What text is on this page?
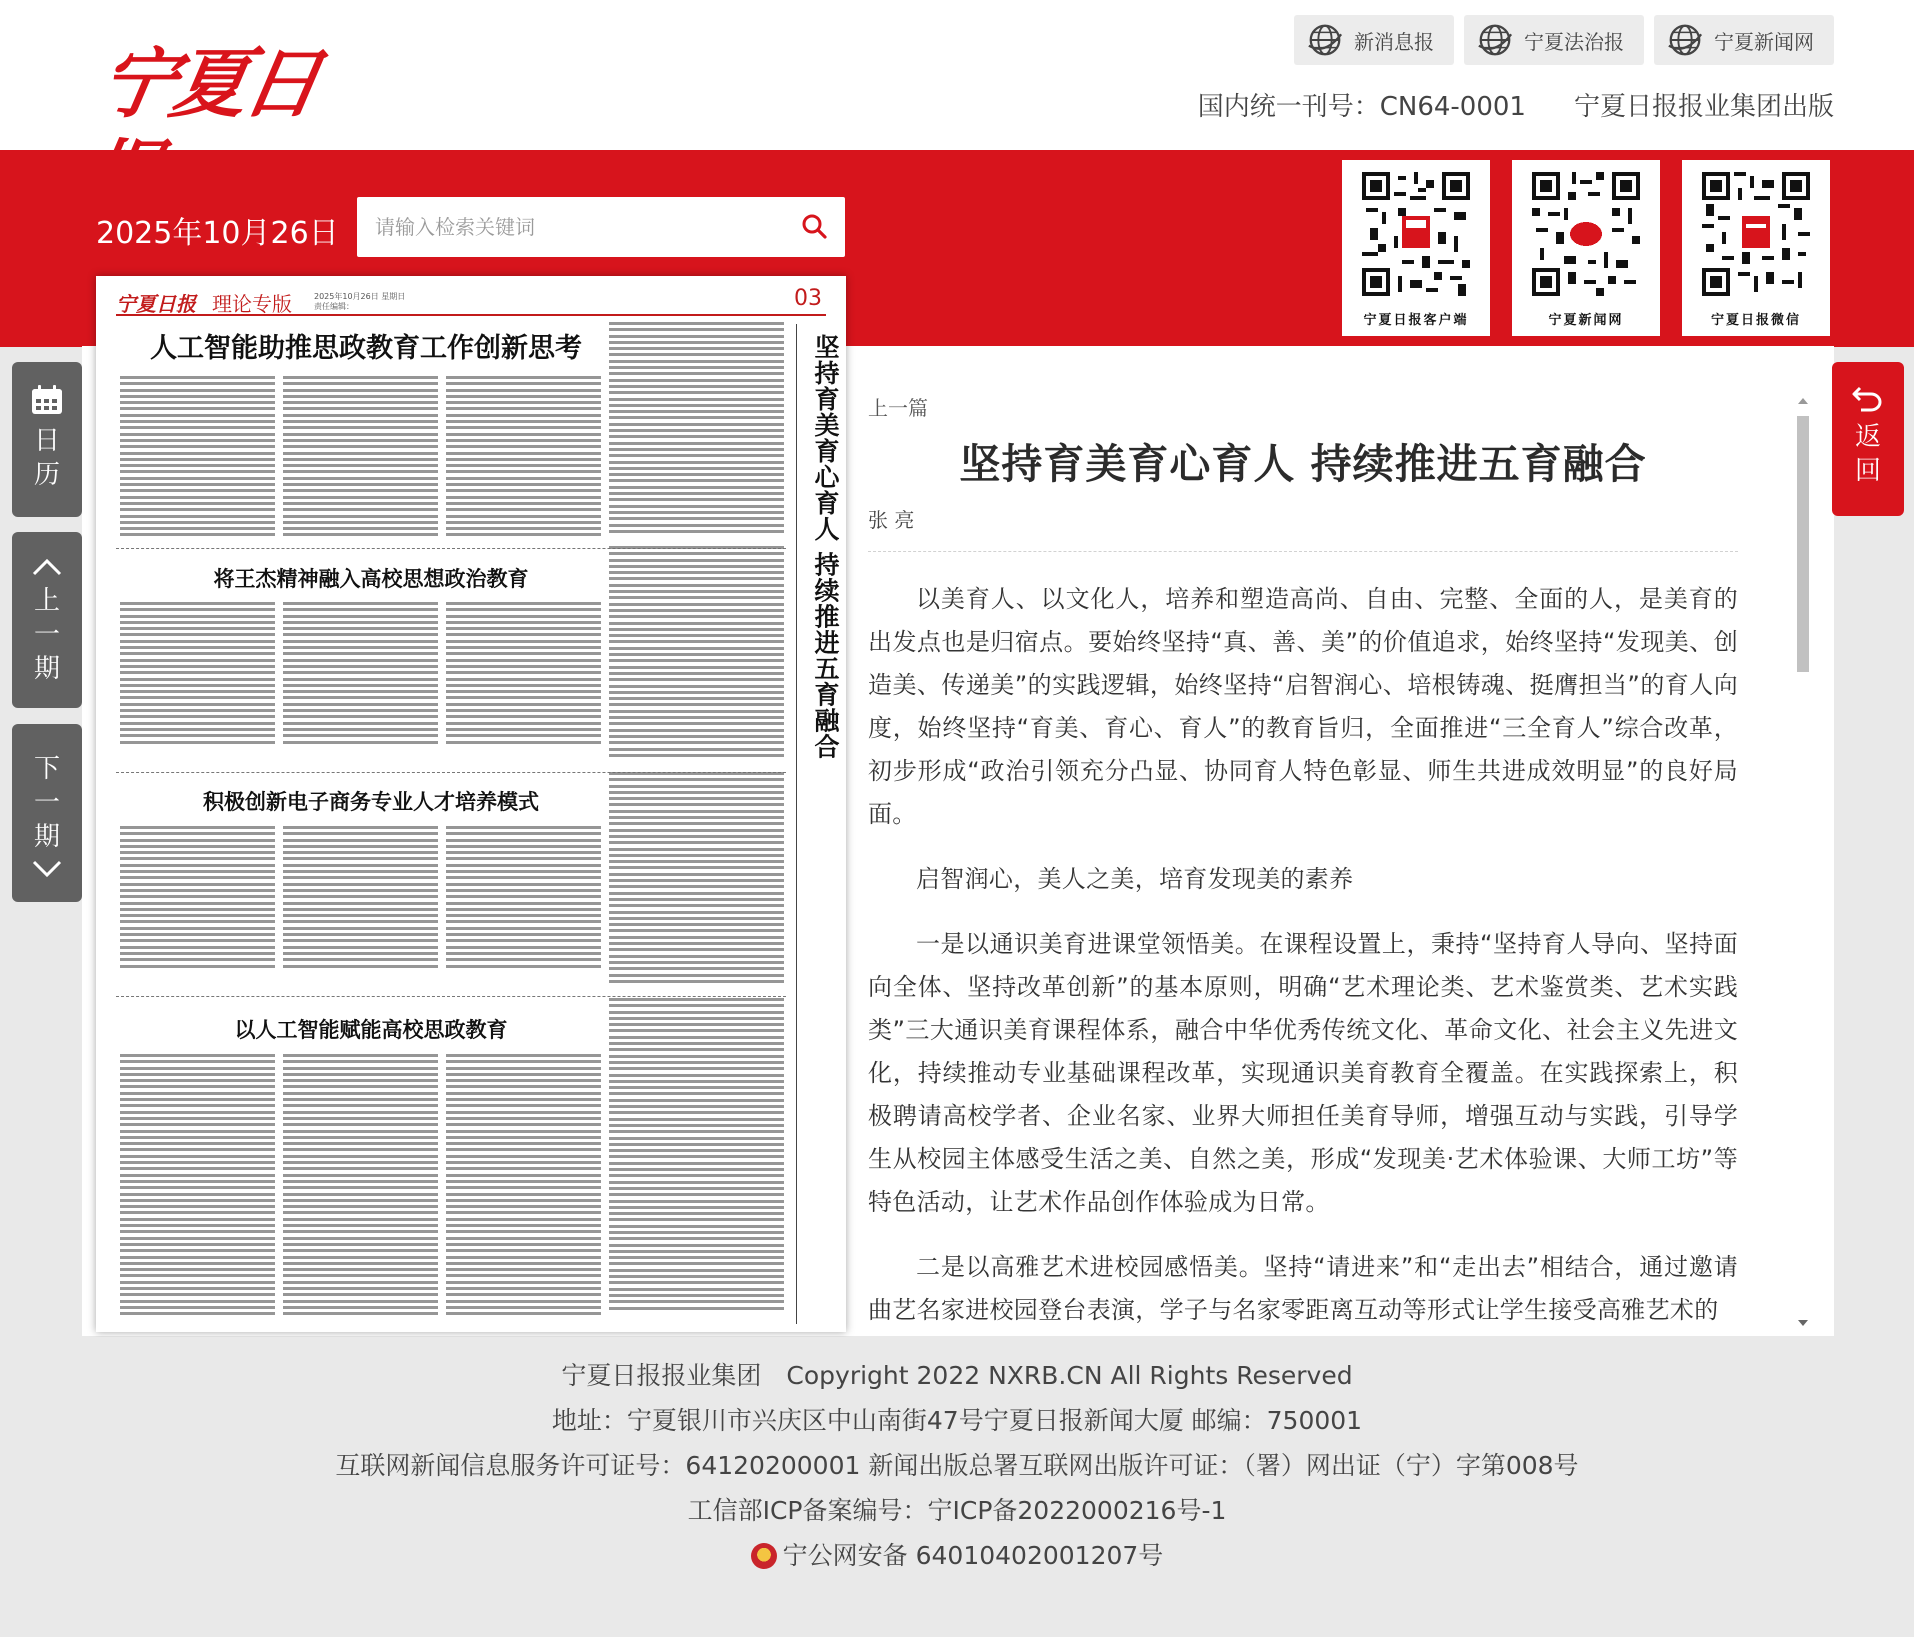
宁夏日报
新消息报	宁夏法治报	宁夏新闻网
国内统一刊号：CN64-0001 宁夏日报报业集团出版
2025年10月26日
请输入检索关键词
宁夏日报客户端	宁夏新闻网	宁夏日报微信
日
历
上
一
期
下
一
期
返
回
宁夏日报 理论专版	2025年10月26日 星期日
责任编辑：	03
人工智能助推思政教育工作创新思考
将王杰精神融入高校思想政治教育
积极创新电子商务专业人才培养模式
以人工智能赋能高校思政教育
坚持育美育心育人 持续推进五育融合 上一篇
坚持育美育心育人 持续推进五育融合
张 亮

以美育人、以文化人，培养和塑造高尚、自由、完整、全面的人，是美育的出发点也是归宿点。要始终坚持“真、善、美”的价值追求，始终坚持“发现美、创造美、传递美”的实践逻辑，始终坚持“启智润心、培根铸魂、挺膺担当”的育人向度，始终坚持“育美、育心、育人”的教育旨归，全面推进“三全育人”综合改革，初步形成“政治引领充分凸显、协同育人特色彰显、师生共进成效明显”的良好局面。

启智润心，美人之美，培育发现美的素养

一是以通识美育进课堂领悟美。在课程设置上，秉持“坚持育人导向、坚持面向全体、坚持改革创新”的基本原则，明确“艺术理论类、艺术鉴赏类、艺术实践类”三大通识美育课程体系，融合中华优秀传统文化、革命文化、社会主义先进文化，持续推动专业基础课程改革，实现通识美育教育全覆盖。在实践探索上，积极聘请高校学者、企业名家、业界大师担任美育导师，增强互动与实践，引导学生从校园主体感受生活之美、自然之美，形成“发现美·艺术体验课、大师工坊”等特色活动，让艺术作品创作体验成为日常。

二是以高雅艺术进校园感悟美。坚持“请进来”和“走出去”相结合，通过邀请曲艺名家进校园登台表演，学子与名家零距离互动等形式让学生接受高雅艺术的

宁夏日报报业集团　Copyright 2022 NXRB.CN All Rights Reserved
地址：宁夏银川市兴庆区中山南街47号宁夏日报新闻大厦 邮编：750001
互联网新闻信息服务许可证号：64120200001 新闻出版总署互联网出版许可证：（署）网出证（宁）字第008号
工信部ICP备案编号：宁ICP备2022000216号-1
宁公网安备 64010402001207号
